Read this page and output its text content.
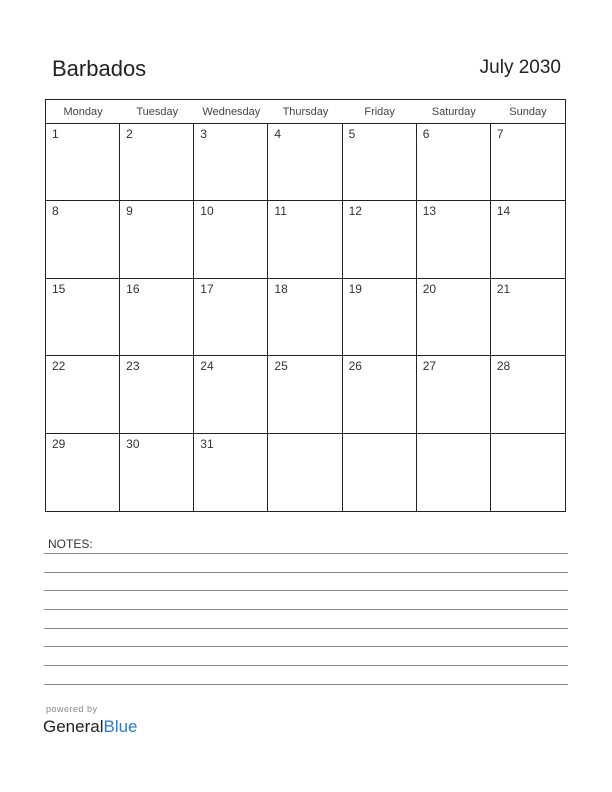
Barbados	July 2030
Monday	Tuesday	Wednesday	Thursday	Friday	Saturday	Sunday
1	2	3	4	5	6	7
8	9	10	11	12	13	14
15	16	17	18	19	20	21
22	23	24	25	26	27	28
29	30	31
NOTES:
powered by
GeneralBlue
